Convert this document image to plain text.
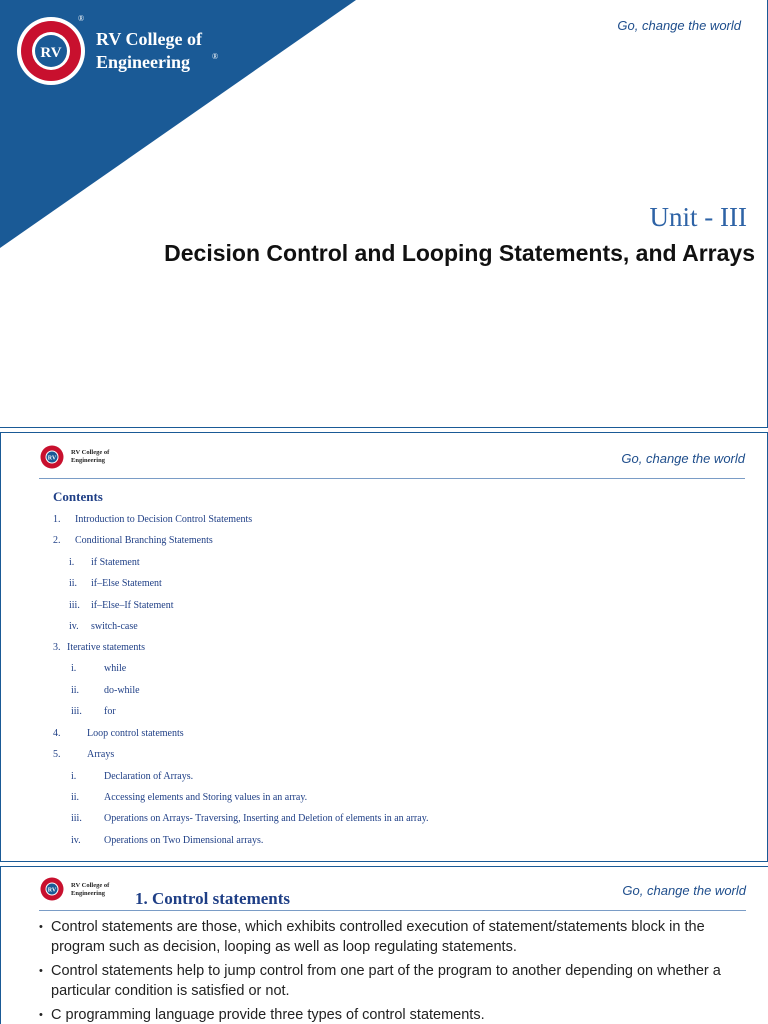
RV
RV College of
Engineering	®
®	Go, change the world
Unit - III
Decision Control and Looping Statements, and Arrays
RV
RV College of
Engineering	Go, change the world
Contents
1. Introduction to Decision Control Statements
2. Conditional Branching Statements
i. if Statement
ii. if–Else Statement
iii. if–Else–If Statement
iv. switch-case
3. Iterative statements
i.	while
ii. do-while
iii. for
4.	Loop control statements
5.	Arrays
i.	Declaration of Arrays.
ii. Accessing elements and Storing values in an array.
iii. Operations on Arrays- Traversing, Inserting and Deletion of elements in an array.
iv. Operations on Two Dimensional arrays.
RV
RV College of
Engineering 1. Control statements	Go, change the world
• Control statements are those, which exhibits controlled execution of statement/statements block in the program such as decision, looping as well as loop regulating statements.
• Control statements help to jump control from one part of the program to another depending on whether a particular condition is satisfied or not.
• C programming language provide three types of control statements.
